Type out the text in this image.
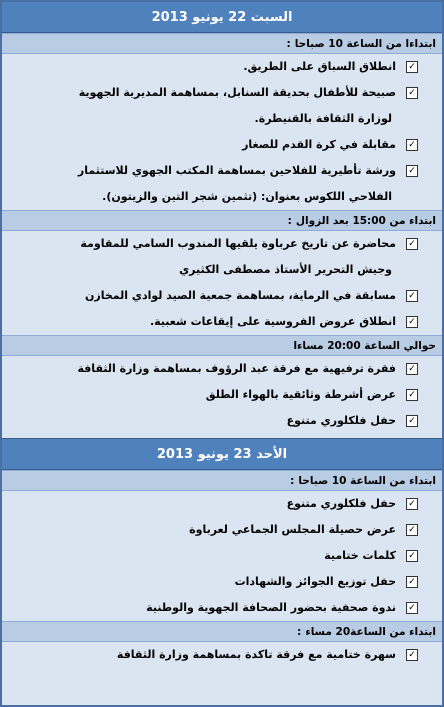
السبت 22 يونيو 2013
ابتداءا من الساعة 10 صباحا
:
✓
انطلاق السباق على الطريق.
✓
صبيحة للأطفال بحديقة السنابل، بمساهمة المديرية الجهوية
لوزارة الثقافة بالقنيطرة.
✓
مقابلة في كرة القدم للصغار
✓
ورشة تأطيرية للفلاحين بمساهمة المكتب الجهوي للاستثمار
الفلاحي اللكوس بعنوان: (تثمين شجر التين والزيتون).
ابتداء من 15:00 بعد الزوال
:
✓
محاضرة عن تاريخ عرباوة يلقيها المندوب السامي للمقاومة
وجيش التحرير الأستاذ مصطفى الكثيري
✓
مسابقة في الرماية، بمساهمة جمعية الصيد لوادي المخازن
✓
انطلاق عروض الفروسية على إيقاعات شعبية.
حوالي الساعة 20:00 مساءا
✓
فقرة ترفيهية مع فرقة عبد الرؤوف بمساهمة وزارة الثقافة
✓
عرض أشرطة وثائقية بالهواء الطلق
✓
حفل فلكلوري متنوع
الأحد 23 يونيو 2013
ابتداء من الساعة 10 صباحا
:
✓
حفل فلكلوري متنوع
✓
عرض حصيلة المجلس الجماعي لعرباوة
✓
كلمات ختامية
✓
حفل توزيع الجوائز والشهادات
✓
ندوة صحفية بحضور الصحافة الجهوية والوطنية
ابتداء من الساعة20 مساء
:
✓
سهرة ختامية مع فرقة تاكدة بمساهمة وزارة الثقافة
